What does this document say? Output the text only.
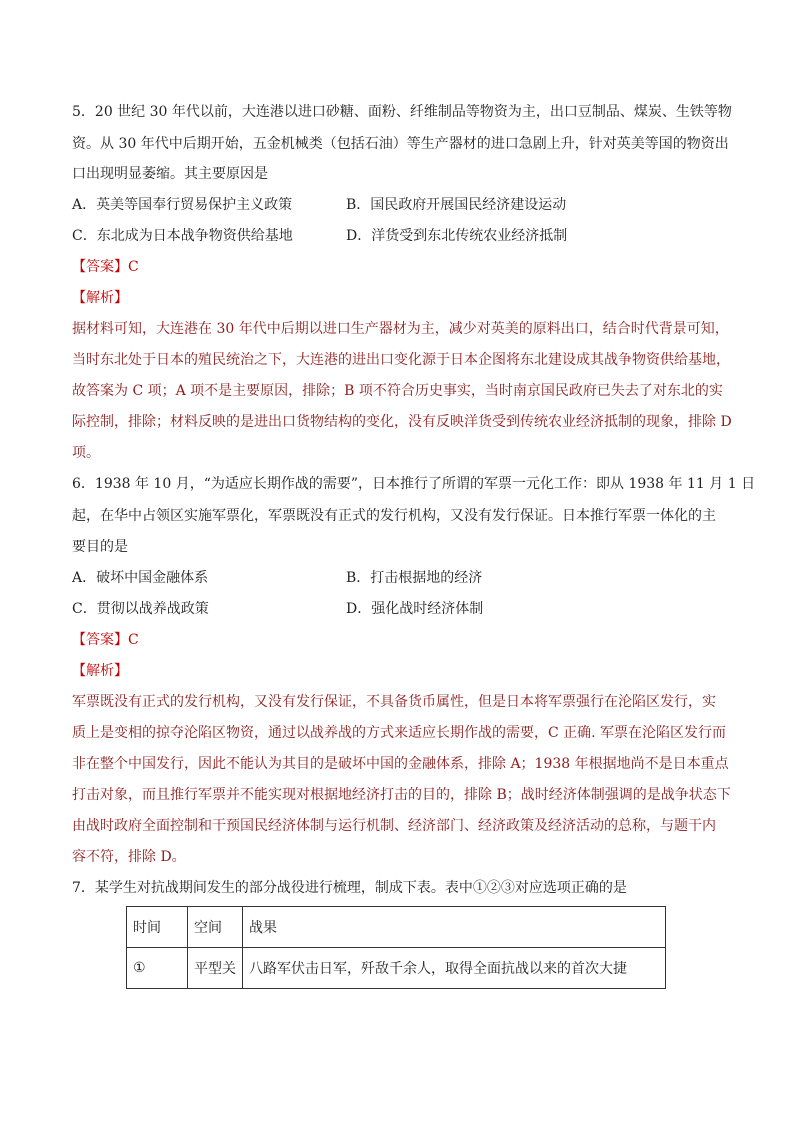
5．20 世纪 30 年代以前，大连港以进口砂糖、面粉、纤维制品等物资为主，出口豆制品、煤炭、生铁等物
资。从 30 年代中后期开始，五金机械类（包括石油）等生产器材的进口急剧上升，针对英美等国的物资出
口出现明显萎缩。其主要原因是
A．英美等国奉行贸易保护主义政策	B．国民政府开展国民经济建设运动
C．东北成为日本战争物资供给基地	D．洋货受到东北传统农业经济抵制
【答案】C
【解析】
据材料可知，大连港在 30 年代中后期以进口生产器材为主，减少对英美的原料出口，结合时代背景可知，
当时东北处于日本的殖民统治之下，大连港的进出口变化源于日本企图将东北建设成其战争物资供给基地，
故答案为 C 项；A 项不是主要原因，排除；B 项不符合历史事实，当时南京国民政府已失去了对东北的实
际控制，排除；材料反映的是进出口货物结构的变化，没有反映洋货受到传统农业经济抵制的现象，排除 D
项。
6．1938 年 10 月，“为适应长期作战的需要”，日本推行了所谓的军票一元化工作：即从 1938 年 11 月 1 日
起，在华中占领区实施军票化，军票既没有正式的发行机构，又没有发行保证。日本推行军票一体化的主
要目的是
A．破坏中国金融体系	B．打击根据地的经济
C．贯彻以战养战政策	D．强化战时经济体制
【答案】C
【解析】
军票既没有正式的发行机构，又没有发行保证，不具备货币属性，但是日本将军票强行在沦陷区发行，实
质上是变相的掠夺沦陷区物资，通过以战养战的方式来适应长期作战的需要，C 正确. 军票在沦陷区发行而
非在整个中国发行，因此不能认为其目的是破坏中国的金融体系，排除 A；1938 年根据地尚不是日本重点
打击对象，而且推行军票并不能实现对根据地经济打击的目的，排除 B；战时经济体制强调的是战争状态下
由战时政府全面控制和干预国民经济体制与运行机制、经济部门、经济政策及经济活动的总称，与题干内
容不符，排除 D。
7．某学生对抗战期间发生的部分战役进行梳理，制成下表。表中①②③对应选项正确的是
时间	空间	战果
①	平型关	八路军伏击日军，歼敌千余人，取得全面抗战以来的首次大捷
